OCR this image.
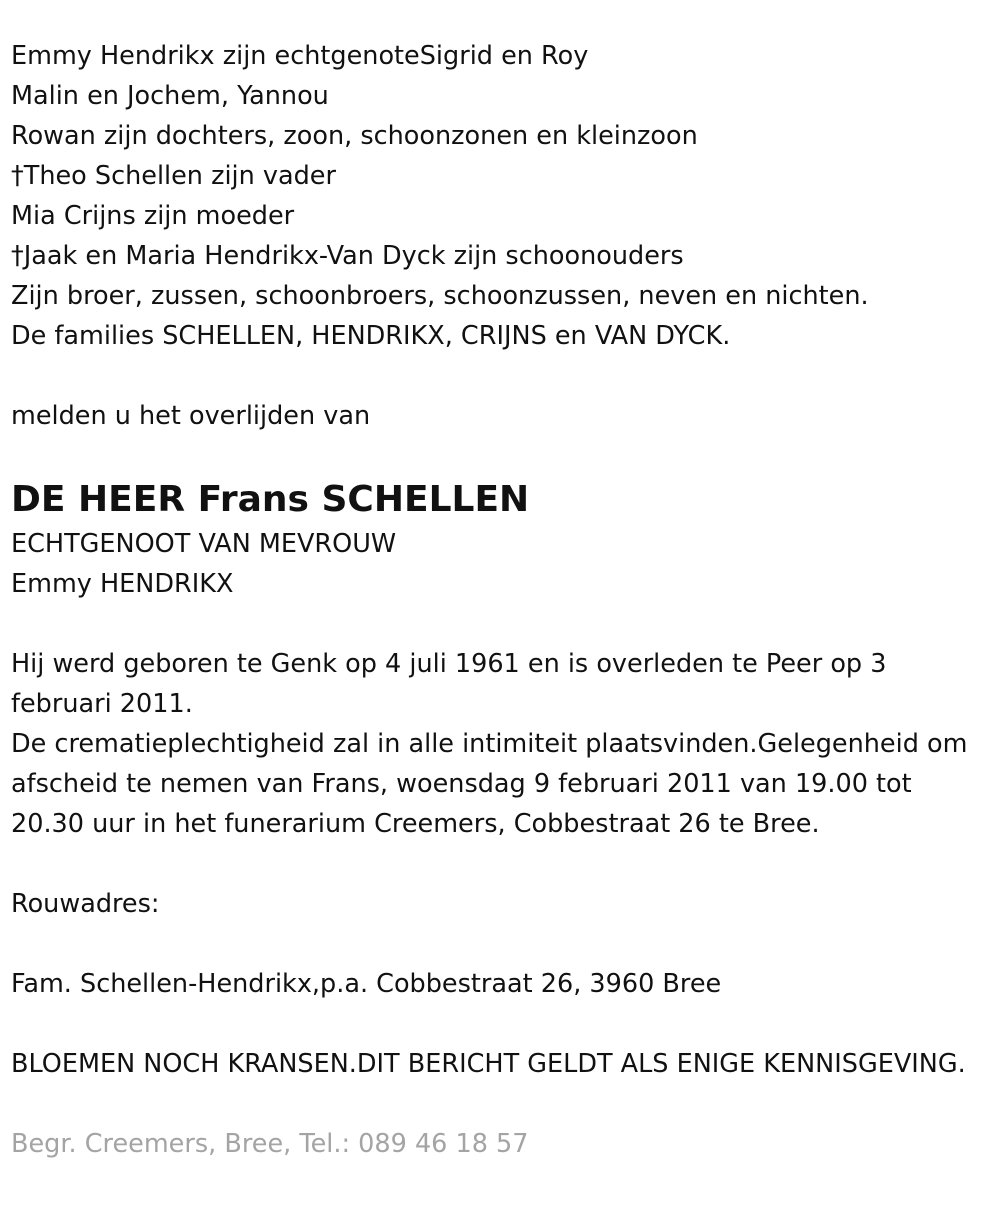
Emmy Hendrikx zijn echtgenoteSigrid en Roy
Malin en Jochem, Yannou
Rowan zijn dochters, zoon, schoonzonen en kleinzoon
†Theo Schellen zijn vader
Mia Crijns zijn moeder
†Jaak en Maria Hendrikx-Van Dyck zijn schoonouders
Zijn broer, zussen, schoonbroers, schoonzussen, neven en nichten.
De families SCHELLEN, HENDRIKX, CRIJNS en VAN DYCK.
melden u het overlijden van
DE HEER Frans SCHELLEN
ECHTGENOOT VAN MEVROUW
Emmy HENDRIKX
Hij werd geboren te Genk op 4 juli 1961 en is overleden te Peer op 3 februari 2011.
De crematieplechtigheid zal in alle intimiteit plaatsvinden.Gelegenheid om afscheid te nemen van Frans, woensdag 9 februari 2011 van 19.00 tot 20.30 uur in het funerarium Creemers, Cobbestraat 26 te Bree.
Rouwadres:
Fam. Schellen-Hendrikx,p.a. Cobbestraat 26, 3960 Bree
BLOEMEN NOCH KRANSEN.DIT BERICHT GELDT ALS ENIGE KENNISGEVING.
Begr. Creemers, Bree, Tel.: 089 46 18 57
